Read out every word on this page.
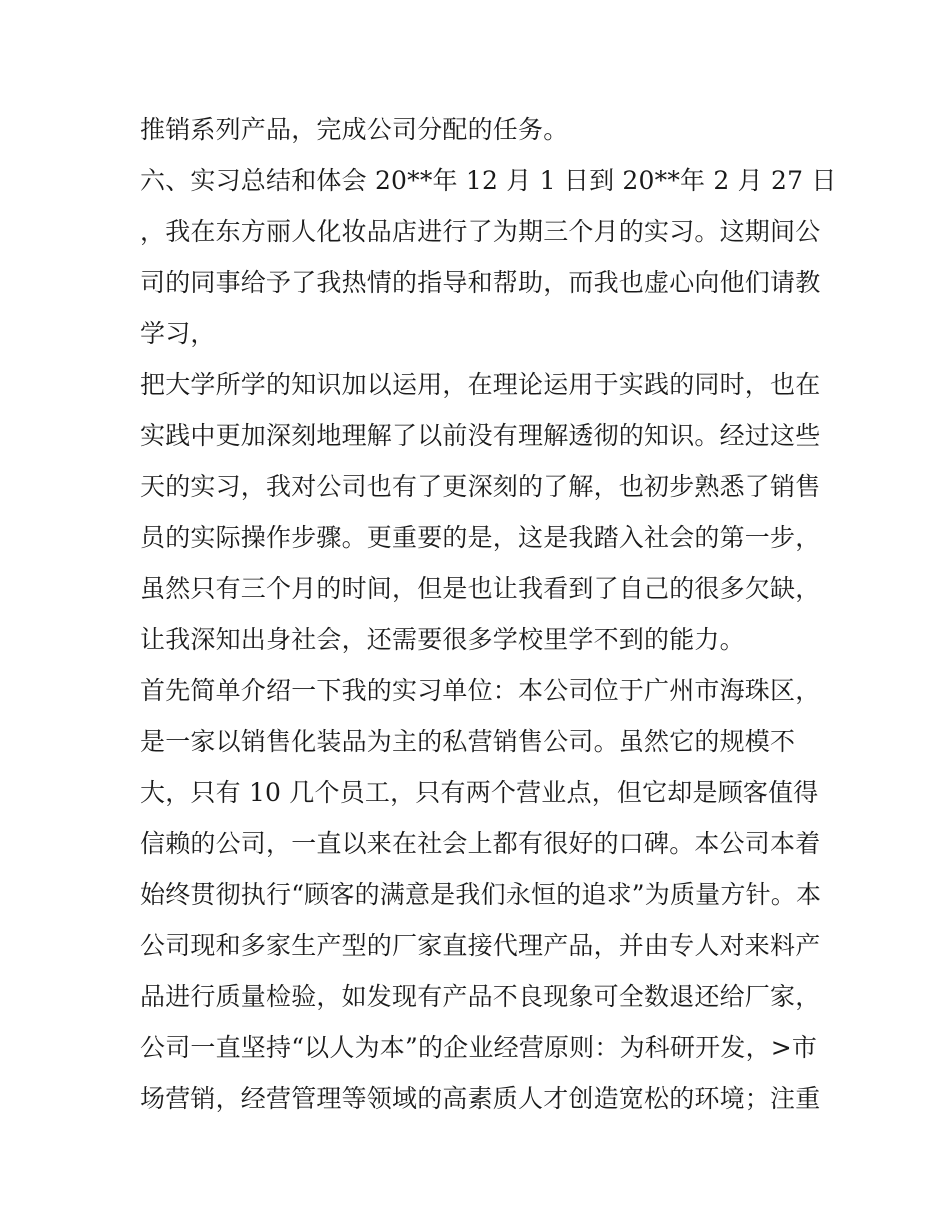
推销系列产品，完成公司分配的任务。
六、实习总结和体会 20**年 12 月 1 日到 20**年 2 月 27 日
，我在东方丽人化妆品店进行了为期三个月的实习。这期间公
司的同事给予了我热情的指导和帮助，而我也虚心向他们请教
学习，
把大学所学的知识加以运用，在理论运用于实践的同时，也在
实践中更加深刻地理解了以前没有理解透彻的知识。经过这些
天的实习，我对公司也有了更深刻的了解，也初步熟悉了销售
员的实际操作步骤。更重要的是，这是我踏入社会的第一步，
虽然只有三个月的时间，但是也让我看到了自己的很多欠缺，
让我深知出身社会，还需要很多学校里学不到的能力。
首先简单介绍一下我的实习单位：本公司位于广州市海珠区，
是一家以销售化装品为主的私营销售公司。虽然它的规模不
大，只有 10 几个员工，只有两个营业点，但它却是顾客值得
信赖的公司，一直以来在社会上都有很好的口碑。本公司本着
始终贯彻执行“顾客的满意是我们永恒的追求”为质量方针。本
公司现和多家生产型的厂家直接代理产品，并由专人对来料产
品进行质量检验，如发现有产品不良现象可全数退还给厂家，
公司一直坚持“以人为本”的企业经营原则：为科研开发，>市
场营销，经营管理等领域的高素质人才创造宽松的环境；注重
